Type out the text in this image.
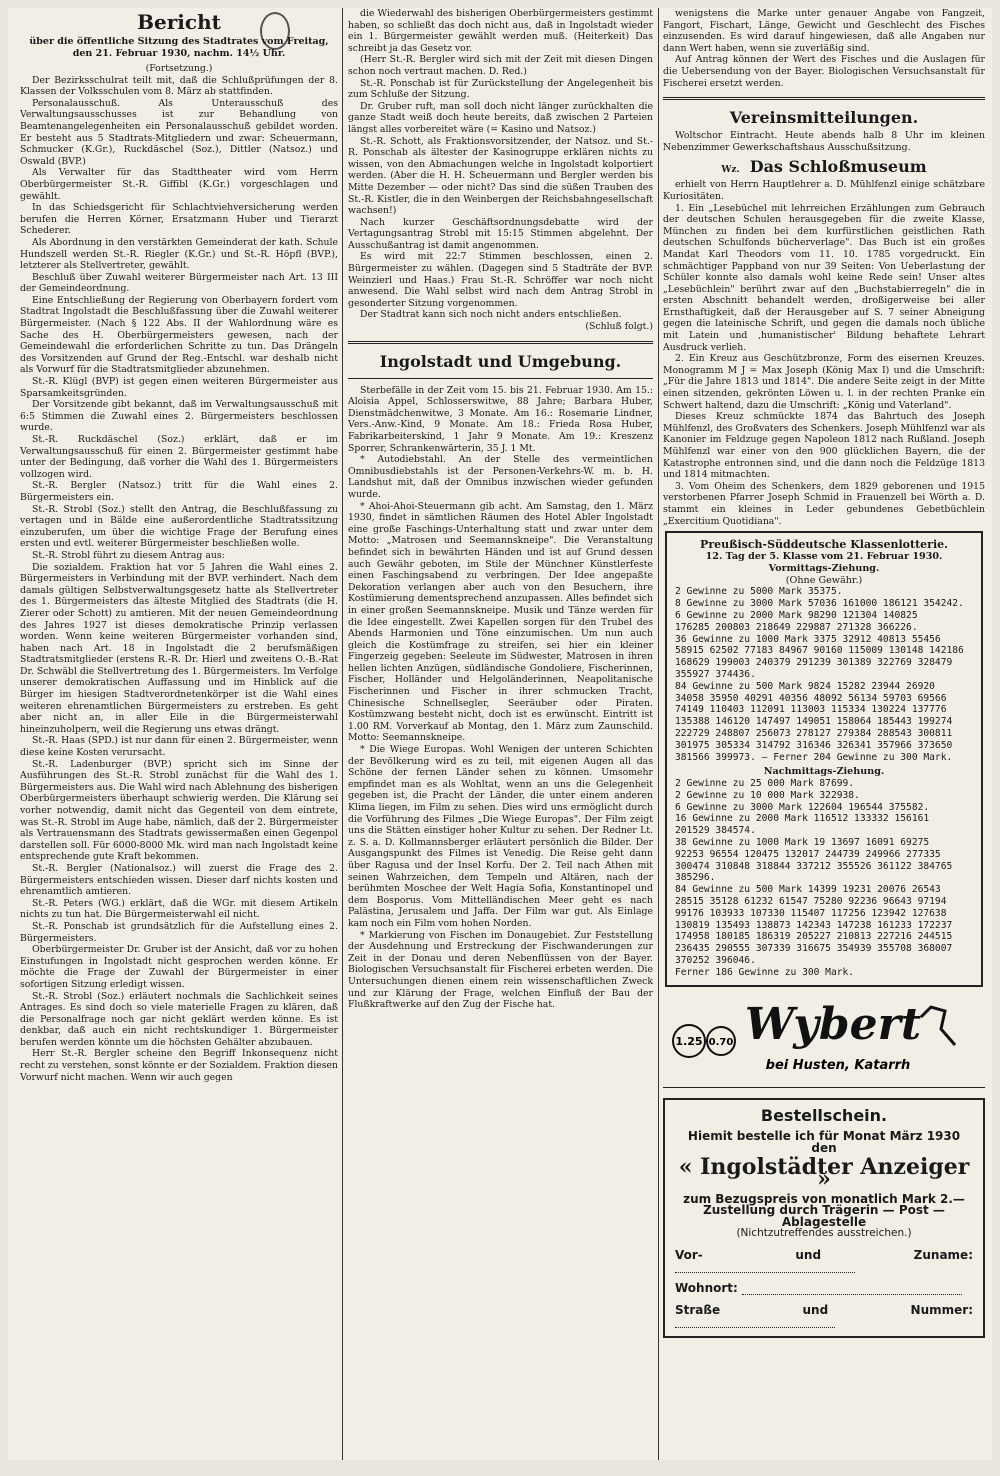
Bericht
über die öffentliche Sitzung des Stadtrates vom Freitag, den 21. Februar 1930, nachm. 14½ Uhr.

(Fortsetzung.)

Der Bezirksschulrat teilt mit, daß die Schlußprüfungen der 8. Klassen der Volksschulen vom 8. März ab stattfinden.

Personalausschuß. Als Unterausschuß des Verwaltungsausschusses ist zur Behandlung von Beamtenangelegenheiten ein Personalausschuß gebildet worden. Er besteht aus 5 Stadtrats-Mitgliedern und zwar: Scheuermann, Schmucker (K.Gr.), Ruckdäschel (Soz.), Dittler (Natsoz.) und Oswald (BVP.)

Als Verwalter für das Stadttheater wird vom Herrn Oberbürgermeister St.-R. Giffibl (K.Gr.) vorgeschlagen und gewählt.

In das Schiedsgericht für Schlachtviehversicherung werden berufen die Herren Körner, Ersatzmann Huber und Tierarzt Schederer.

Als Abordnung in den verstärkten Gemeinderat der kath. Schule Hundszell werden St.-R. Riegler (K.Gr.) und St.-R. Höpfl (BVP.), letzterer als Stellvertreter, gewählt.

Beschluß über Zuwahl weiterer Bürgermeister nach Art. 13 III der Gemeindeordnung.

Eine Entschließung der Regierung von Oberbayern fordert vom Stadtrat Ingolstadt die Beschlußfassung über die Zuwahl weiterer Bürgermeister. (Nach § 122 Abs. II der Wahlordnung wäre es Sache des H. Oberbürgermeisters gewesen, nach der Gemeindewahl die erforderlichen Schritte zu tun. Das Drängeln des Vorsitzenden auf Grund der Reg.-Entschl. war deshalb nicht als Vorwurf für die Stadtratsmitglieder abzunehmen.

St.-R. Klügl (BVP) ist gegen einen weiteren Bürgermeister aus Sparsamkeitsgründen.

Der Vorsitzende gibt bekannt, daß im Verwaltungsausschuß mit 6:5 Stimmen die Zuwahl eines 2. Bürgermeisters beschlossen wurde.

St.-R. Ruckdäschel (Soz.) erklärt, daß er im Verwaltungsausschuß für einen 2. Bürgermeister gestimmt habe unter der Bedingung, daß vorher die Wahl des 1. Bürgermeisters vollzogen wird.

St.-R. Bergler (Natsoz.) tritt für die Wahl eines 2. Bürgermeisters ein.

St.-R. Strobl (Soz.) stellt den Antrag, die Beschlußfassung zu vertagen und in Bälde eine außerordentliche Stadtratssitzung einzuberufen, um über die wichtige Frage der Berufung eines ersten und evtl. weiterer Bürgermeister beschließen wolle.

St.-R. Strobl führt zu diesem Antrag aus:

Die sozialdem. Fraktion hat vor 5 Jahren die Wahl eines 2. Bürgermeisters in Verbindung mit der BVP. verhindert. Nach dem damals gültigen Selbstverwaltungsgesetz hatte als Stellvertreter des 1. Bürgermeisters das älteste Mitglied des Stadtrats (die H. Zierer oder Schott) zu amtieren. Mit der neuen Gemeindeordnung des Jahres 1927 ist dieses demokratische Prinzip verlassen worden. Wenn keine weiteren Bürgermeister vorhanden sind, haben nach Art. 18 in Ingolstadt die 2 berufsmäßigen Stadtratsmitglieder (erstens R.-R. Dr. Hierl und zweitens O.-B.-Rat Dr. Schwäbl die Stellvertretung des 1. Bürgermeisters. Im Verfolge unserer demokratischen Auffassung und im Hinblick auf die Bürger im hiesigen Stadtverordnetenkörper ist die Wahl eines weiteren ehrenamtlichen Bürgermeisters zu erstreben. Es geht aber nicht an, in aller Eile in die Bürgermeisterwahl hineinzuholpern, weil die Regierung uns etwas drängt.

St.-R. Haas (SPD.) ist nur dann für einen 2. Bürgermeister, wenn diese keine Kosten verursacht.

St.-R. Ladenburger (BVP.) spricht sich im Sinne der Ausführungen des St.-R. Strobl zunächst für die Wahl des 1. Bürgermeisters aus. Die Wahl wird nach Ablehnung des bisherigen Oberbürgermeisters überhaupt schwierig werden. Die Klärung sei vorher notwendig, damit nicht das Gegenteil von dem eintrete, was St.-R. Strobl im Auge habe, nämlich, daß der 2. Bürgermeister als Vertrauensmann des Stadtrats gewissermaßen einen Gegenpol darstellen soll. Für 6000-8000 Mk. wird man nach Ingolstadt keine entsprechende gute Kraft bekommen.

St.-R. Bergler (Nationalsoz.) will zuerst die Frage des 2. Bürgermeisters entschieden wissen. Dieser darf nichts kosten und ehrenamtlich amtieren.

St.-R. Peters (WG.) erklärt, daß die WGr. mit diesem Artikeln nichts zu tun hat. Die Bürgermeisterwahl eil nicht.

St.-R. Ponschab ist grundsätzlich für die Aufstellung eines 2. Bürgermeisters.

Oberbürgermeister Dr. Gruber ist der Ansicht, daß vor zu hohen Einstufungen in Ingolstadt nicht gesprochen werden könne. Er möchte die Frage der Zuwahl der Bürgermeister in einer sofortigen Sitzung erledigt wissen.

St.-R. Strobl (Soz.) erläutert nochmals die Sachlichkeit seines Antrages. Es sind doch so viele materielle Fragen zu klären, daß die Personalfrage noch gar nicht geklärt werden könne. Es ist denkbar, daß auch ein nicht rechtskundiger 1. Bürgermeister berufen werden könnte um die höchsten Gehälter abzubauen.

Herr St.-R. Bergler scheine den Begriff Inkonsequenz nicht recht zu verstehen, sonst könnte er der Sozialdem. Fraktion diesen Vorwurf nicht machen. Wenn wir auch gegen

die Wiederwahl des bisherigen Oberbürgermeisters gestimmt haben, so schließt das doch nicht aus, daß in Ingolstadt wieder ein 1. Bürgermeister gewählt werden muß. (Heiterkeit) Das schreibt ja das Gesetz vor.

(Herr St.-R. Bergler wird sich mit der Zeit mit diesen Dingen schon noch vertraut machen. D. Red.)

St.-R. Ponschab ist für Zurückstellung der Angelegenheit bis zum Schluße der Sitzung.

Dr. Gruber ruft, man soll doch nicht länger zurückhalten die ganze Stadt weiß doch heute bereits, daß zwischen 2 Parteien längst alles vorbereitet wäre (= Kasino und Natsoz.)

St.-R. Schott, als Fraktionsvorsitzender, der Natsoz. und St.-R. Ponschab als ältester der Kasinogruppe erklären nichts zu wissen, von den Abmachungen welche in Ingolstadt kolportiert werden. (Aber die H. H. Scheuermann und Bergler werden bis Mitte Dezember — oder nicht? Das sind die süßen Trauben des St.-R. Kistler, die in den Weinbergen der Reichsbahngesellschaft wachsen!)

Nach kurzer Geschäftsordnungsdebatte wird der Vertagungsantrag Strobl mit 15:15 Stimmen abgelehnt. Der Ausschußantrag ist damit angenommen.

Es wird mit 22:7 Stimmen beschlossen, einen 2. Bürgermeister zu wählen. (Dagegen sind 5 Stadträte der BVP. Weinzierl und Haas.) Frau St.-R. Schröffer war noch nicht anwesend. Die Wahl selbst wird nach dem Antrag Strobl in gesonderter Sitzung vorgenommen.

Der Stadtrat kann sich noch nicht anders entschließen.

(Schluß folgt.)

Ingolstadt und Umgebung.

Sterbefälle in der Zeit vom 15. bis 21. Februar 1930. Am 15.: Aloisia Appel, Schlosserswitwe, 88 Jahre; Barbara Huber, Dienstmädchenwitwe, 3 Monate. Am 16.: Rosemarie Lindner, Vers.-Anw.-Kind, 9 Monate. Am 18.: Frieda Rosa Huber, Fabrikarbeiterskind, 1 Jahr 9 Monate. Am 19.: Kreszenz Sporrer, Schrankenwärterin, 35 J. 1 Mt.

* Autodiebstahl. An der Stelle des vermeintlichen Omnibusdiebstahls ist der Personen-Verkehrs-W. m. b. H. Landshut mit, daß der Omnibus inzwischen wieder gefunden wurde.

* Ahoi-Ahoi-Steuermann gib acht. Am Samstag, den 1. März 1930, findet in sämtlichen Räumen des Hotel Abler Ingolstadt eine große Faschings-Unterhaltung statt und zwar unter dem Motto: „Matrosen und Seemannskneipe". Die Veranstaltung befindet sich in bewährten Händen und ist auf Grund dessen auch Gewähr geboten, im Stile der Münchner Künstlerfeste einen Faschingsabend zu verbringen. Der Idee angepaßte Dekoration verlangen aber auch von den Besuchern, ihre Kostümierung dementsprechend anzupassen. Alles befindet sich in einer großen Seemannskneipe. Musik und Tänze werden für die Idee eingestellt. Zwei Kapellen sorgen für den Trubel des Abends Harmonien und Töne einzumischen. Um nun auch gleich die Kostümfrage zu streifen, sei hier ein kleiner Fingerzeig gegeben: Seeleute im Südwester, Matrosen in ihren hellen lichten Anzügen, südländische Gondoliere, Fischerinnen, Fischer, Holländer und Helgoländerinnen, Neapolitanische Fischerinnen und Fischer in ihrer schmucken Tracht, Chinesische Schnellsegler, Seeräuber oder Piraten. Kostümzwang besteht nicht, doch ist es erwünscht. Eintritt ist 1.00 RM. Vorverkauf ab Montag, den 1. März zum Zaunschild. Motto: Seemannskneipe.

* Die Wiege Europas. Wohl Wenigen der unteren Schichten der Bevölkerung wird es zu teil, mit eigenen Augen all das Schöne der fernen Länder sehen zu können. Umsomehr empfindet man es als Wohltat, wenn an uns die Gelegenheit gegeben ist, die Pracht der Länder, die unter einem anderen Klima liegen, im Film zu sehen. Dies wird uns ermöglicht durch die Vorführung des Filmes „Die Wiege Europas". Der Film zeigt uns die Stätten einstiger hoher Kultur zu sehen. Der Redner Lt. z. S. a. D. Kollmannsberger erläutert persönlich die Bilder. Der Ausgangspunkt des Filmes ist Venedig. Die Reise geht dann über Ragusa und der Insel Korfu. Der 2. Teil nach Athen mit seinen Wahrzeichen, dem Tempeln und Altären, nach der berühmten Moschee der Welt Hagia Sofia, Konstantinopel und dem Bosporus. Vom Mittelländischen Meer geht es nach Palästina, Jerusalem und Jaffa. Der Film war gut. Als Einlage kam noch ein Film vom hohen Norden.

* Markierung von Fischen im Donaugebiet. Zur Feststellung der Ausdehnung und Erstreckung der Fischwanderungen zur Zeit in der Donau und deren Nebenflüssen von der Bayer. Biologischen Versuchsanstalt für Fischerei erbeten werden. Die Untersuchungen dienen einem rein wissenschaftlichen Zweck und zur Klärung der Frage, welchen Einfluß der Bau der Flußkraftwerke auf den Zug der Fische hat.

wenigstens die Marke unter genauer Angabe von Fangzeit, Fangort, Fischart, Länge, Gewicht und Geschlecht des Fisches einzusenden. Es wird darauf hingewiesen, daß alle Angaben nur dann Wert haben, wenn sie zuverläßig sind.

Auf Antrag können der Wert des Fisches und die Auslagen für die Uebersendung von der Bayer. Biologischen Versuchsanstalt für Fischerei ersetzt werden.

Vereinsmitteilungen.

Woltschor Eintracht. Heute abends halb 8 Uhr im kleinen Nebenzimmer Gewerkschaftshaus Ausschußsitzung.

Wz. Das Schloßmuseum

erhielt von Herrn Hauptlehrer a. D. Mühlfenzl einige schätzbare Kuriositäten.

1. Ein „Lesebüchel mit lehrreichen Erzählungen zum Gebrauch der deutschen Schulen herausgegeben für die zweite Klasse, München zu finden bei dem kurfürstlichen geistlichen Rath deutschen Schulfonds bücherverlage". Das Buch ist ein großes Mandat Karl Theodors vom 11. 10. 1785 vorgedruckt. Ein schmächtiger Pappband von nur 39 Seiten: Von Ueberlastung der Schüler konnte also damals wohl keine Rede sein! Unser altes „Lesebüchlein" berührt zwar auf den „Buchstabierregeln" die in ersten Abschnitt behandelt werden, droßigerweise bei aller Ernsthaftigkeit, daß der Herausgeber auf S. 7 seiner Abneigung gegen die lateinische Schrift, und gegen die damals noch übliche mit Latein und ,humanistischer' Bildung behaftete Lehrart Ausdruck verlieh.

2. Ein Kreuz aus Geschützbronze, Form des eisernen Kreuzes. Monogramm M J = Max Joseph (König Max I) und die Umschrift: „Für die Jahre 1813 und 1814". Die andere Seite zeigt in der Mitte einen sitzenden, gekrönten Löwen u. l. in der rechten Pranke ein Schwert haltend, dazu die Umschrift: „König und Vaterland".

Dieses Kreuz schmückte 1874 das Bahrtuch des Joseph Mühlfenzl, des Großvaters des Schenkers. Joseph Mühlfenzl war als Kanonier im Feldzuge gegen Napoleon 1812 nach Rußland. Joseph Mühlfenzl war einer von den 900 glücklichen Bayern, die der Katastrophe entronnen sind, und die dann noch die Feldzüge 1813 und 1814 mitmachten.

3. Vom Oheim des Schenkers, dem 1829 geborenen und 1915 verstorbenen Pfarrer Joseph Schmid in Frauenzell bei Wörth a. D. stammt ein kleines in Leder gebundenes Gebetbüchlein „Exercitium Quotidiana".

Preußisch-Süddeutsche Klassenlotterie.
12. Tag der 5. Klasse vom 21. Februar 1930.
Vormittags-Ziehung.
(Ohne Gewähr.)
2 Gewinne zu 5000 Mark 35375.
8 Gewinne zu 3000 Mark 57036 161000 186121 354242.
6 Gewinne zu 2000 Mark 98290 121304 140825
176285 200803 218649 229887 271328 366226.
36 Gewinne zu 1000 Mark 3375 32912 40813 55456
58915 62502 77183 84967 90160 115009 130148 142186
168629 199003 240379 291239 301389 322769 328479
355927 374436.
84 Gewinne zu 500 Mark 9824 15282 23944 26920
34058 35950 40291 40356 48092 56134 59703 69566
74149 110403 112091 113003 115334 130224 137776
135388 146120 147497 149051 158064 185443 199274
222729 248807 256073 278127 279384 288543 300811
301975 305334 314792 316346 326341 357966 373650
381566 399973. — Ferner 204 Gewinne zu 300 Mark.
Nachmittags-Ziehung.
2 Gewinne zu 25 000 Mark 87699.
2 Gewinne zu 10 000 Mark 322938.
6 Gewinne zu 3000 Mark 122604 196544 375582.
16 Gewinne zu 2000 Mark 116512 133332 156161
201529 384574.
38 Gewinne zu 1000 Mark 19 13697 16091 69275
92253 96554 120475 132017 244739 249966 277335
300474 310848 318844 337212 355526 361122 384765
385296.
84 Gewinne zu 500 Mark 14399 19231 20076 26543
28515 35128 61232 61547 75280 92236 96643 97194
99176 103933 107330 115407 117256 123942 127638
130819 135493 138873 142343 147238 161233 172237
174958 180185 186319 205227 210813 227216 244515
236435 290555 307339 316675 354939 355708 368007
370252 396046.
Ferner 186 Gewinne zu 300 Mark.
1.25 0.70 Wybert
bei Husten, Katarrh
Bestellschein.
Hiemit bestelle ich für Monat März 1930 den
« Ingolstädter Anzeiger »
zum Bezugspreis von monatlich Mark 2.—
Zustellung durch Trägerin — Post — Ablagestelle
(Nichtzutreffendes ausstreichen.)
Vor- und Zuname:
Wohnort:
Straße und Nummer:
